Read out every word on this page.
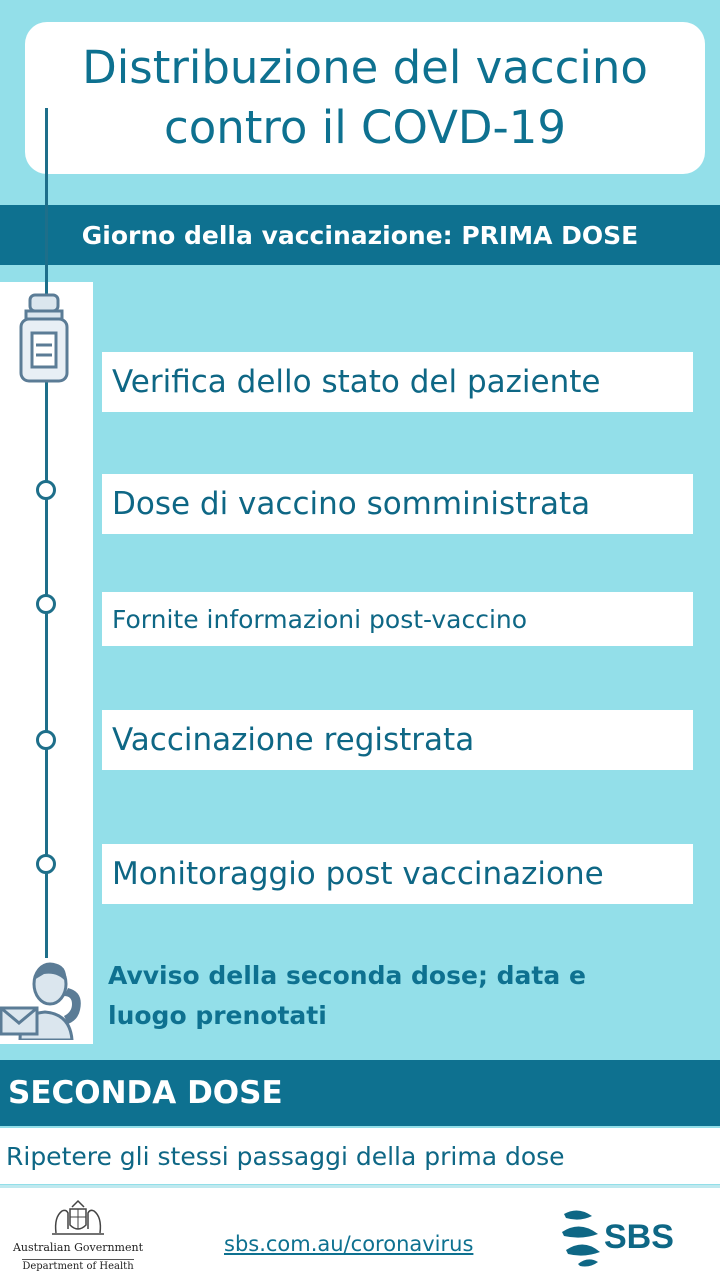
Distribuzione del vaccino
contro il COVD-19
Giorno della vaccinazione: PRIMA DOSE
Verifica dello stato del paziente
Dose di vaccino somministrata
Fornite informazioni post-vaccino
Vaccinazione registrata
Monitoraggio post vaccinazione
Avviso della seconda dose; data e
luogo prenotati
SECONDA DOSE
Ripetere gli stessi passaggi della prima dose
Australian Government
Department of Health
sbs.com.au/coronavirus	SBS
